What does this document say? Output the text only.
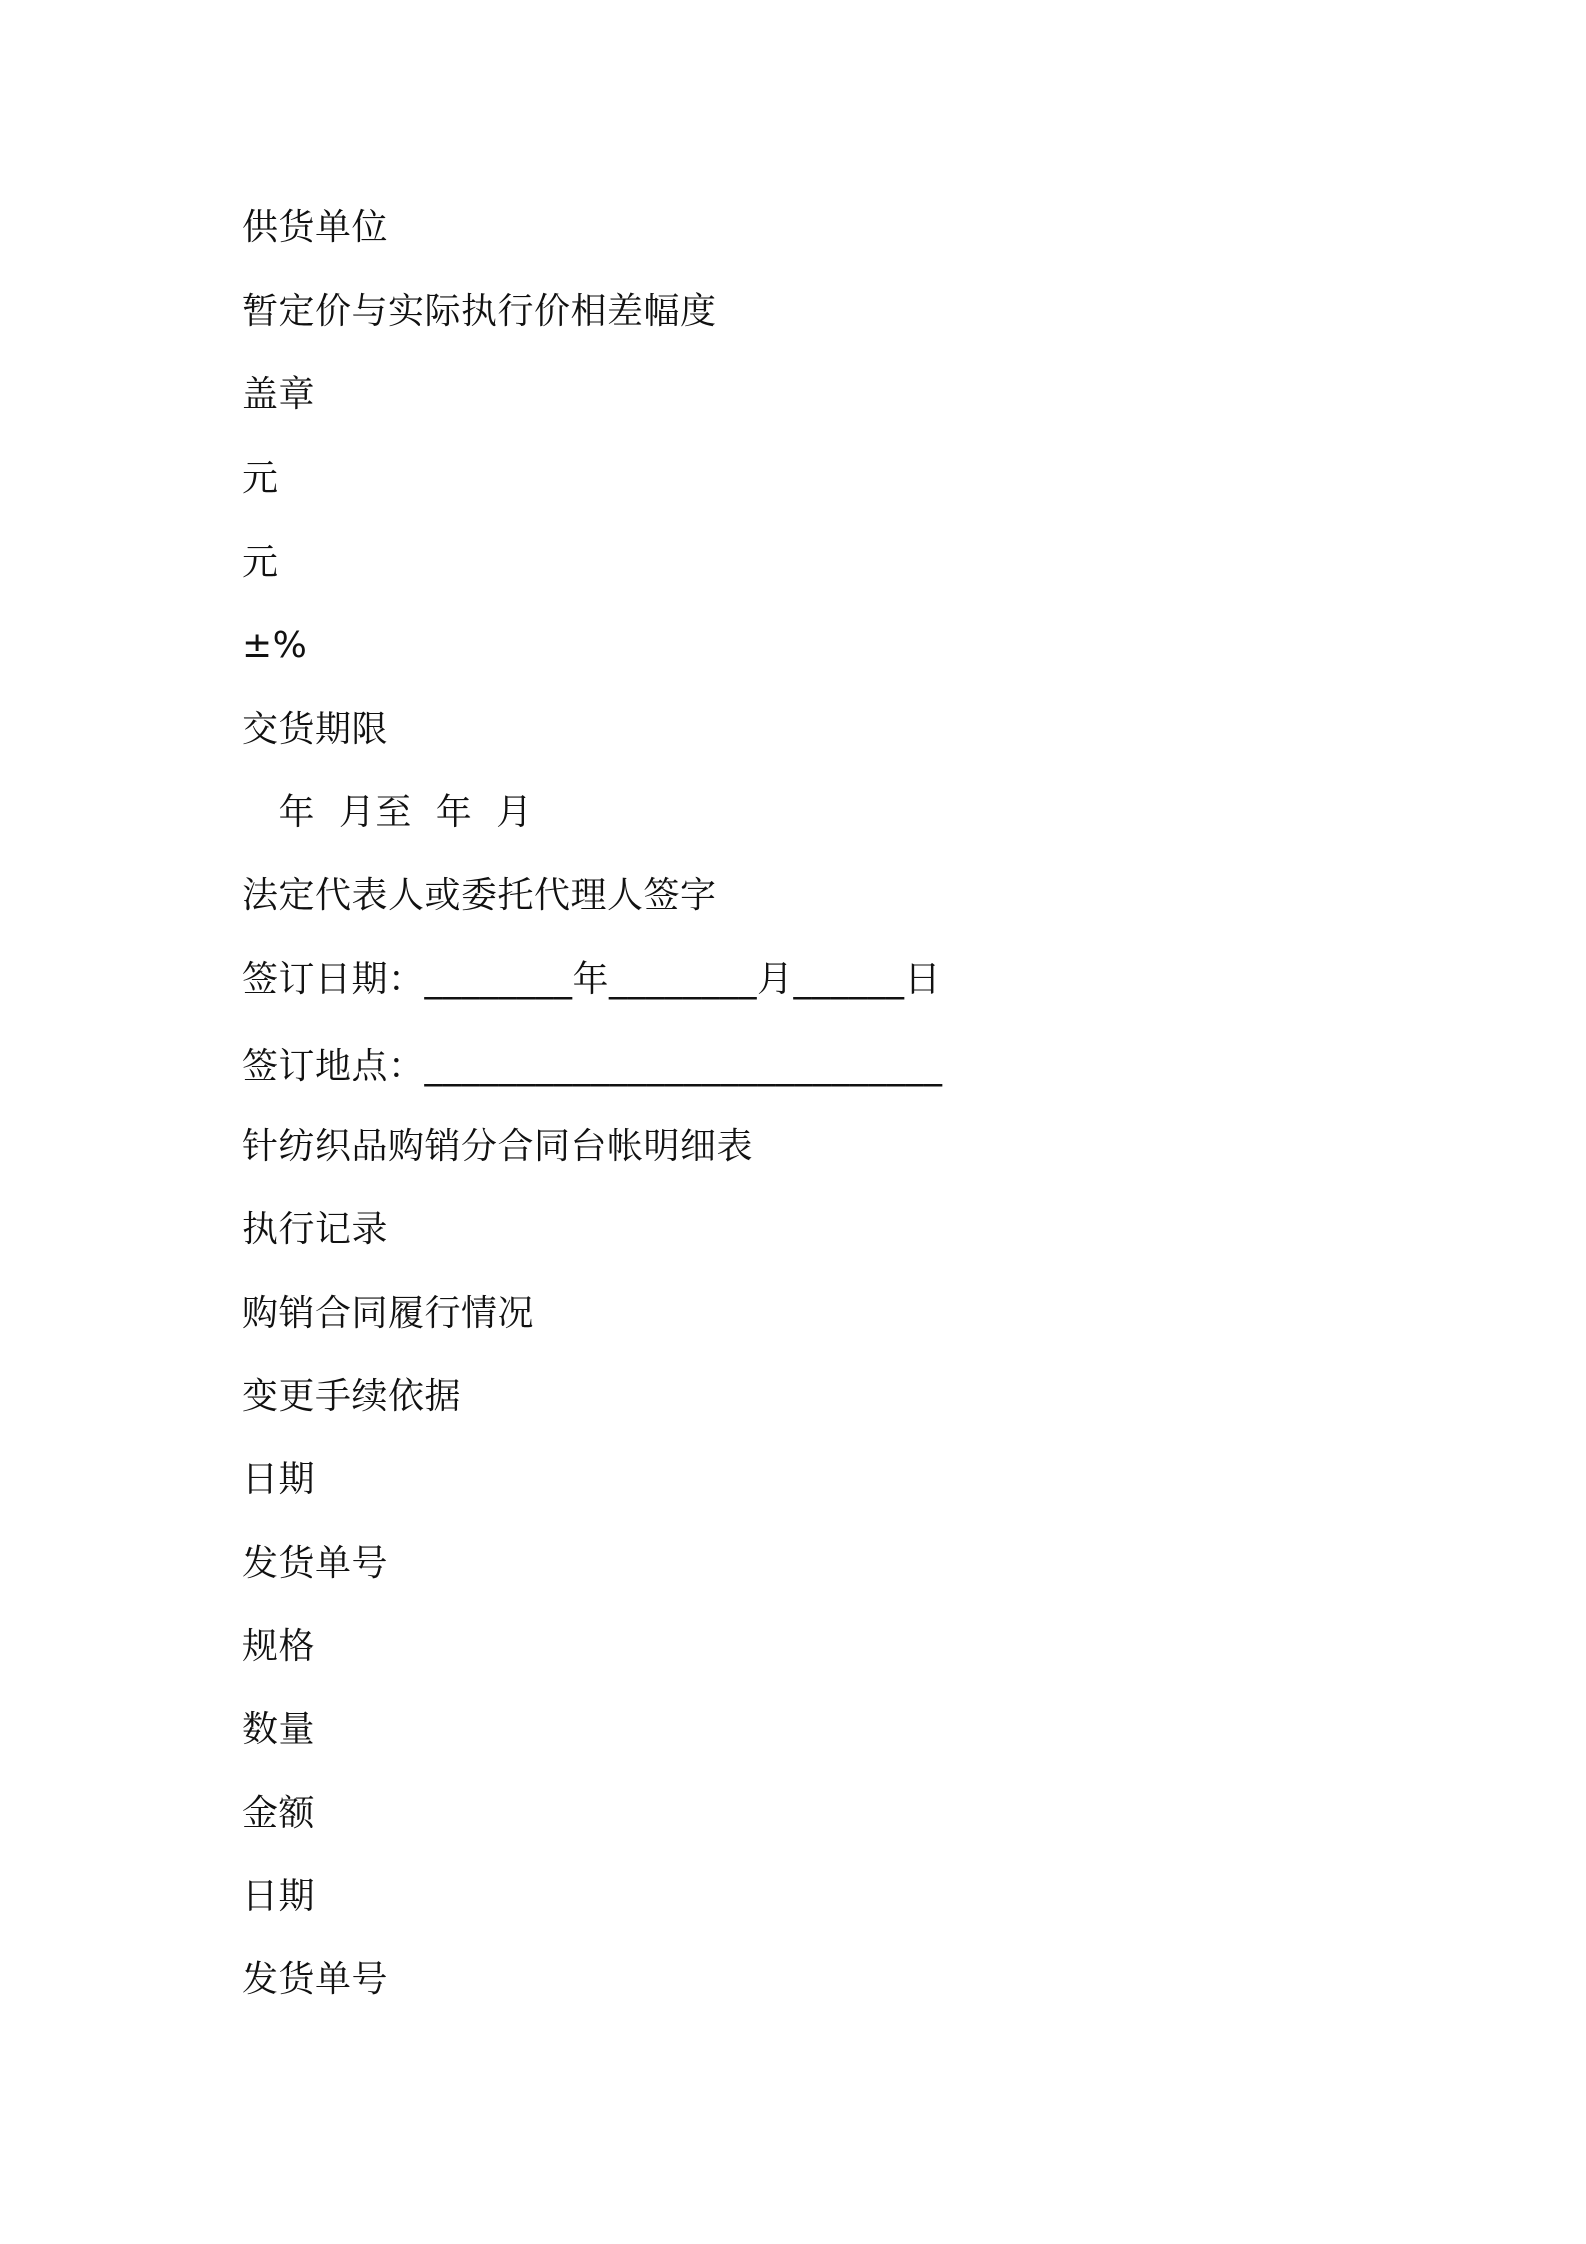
供货单位
暂定价与实际执行价相差幅度
盖章
元
元
±%
交货期限
　年  月至  年  月
法定代表人或委托代理人签字
签订日期：________年________月______日
签订地点：____________________________
针纺织品购销分合同台帐明细表
执行记录
购销合同履行情况
变更手续依据
日期
发货单号
规格
数量
金额
日期
发货单号
